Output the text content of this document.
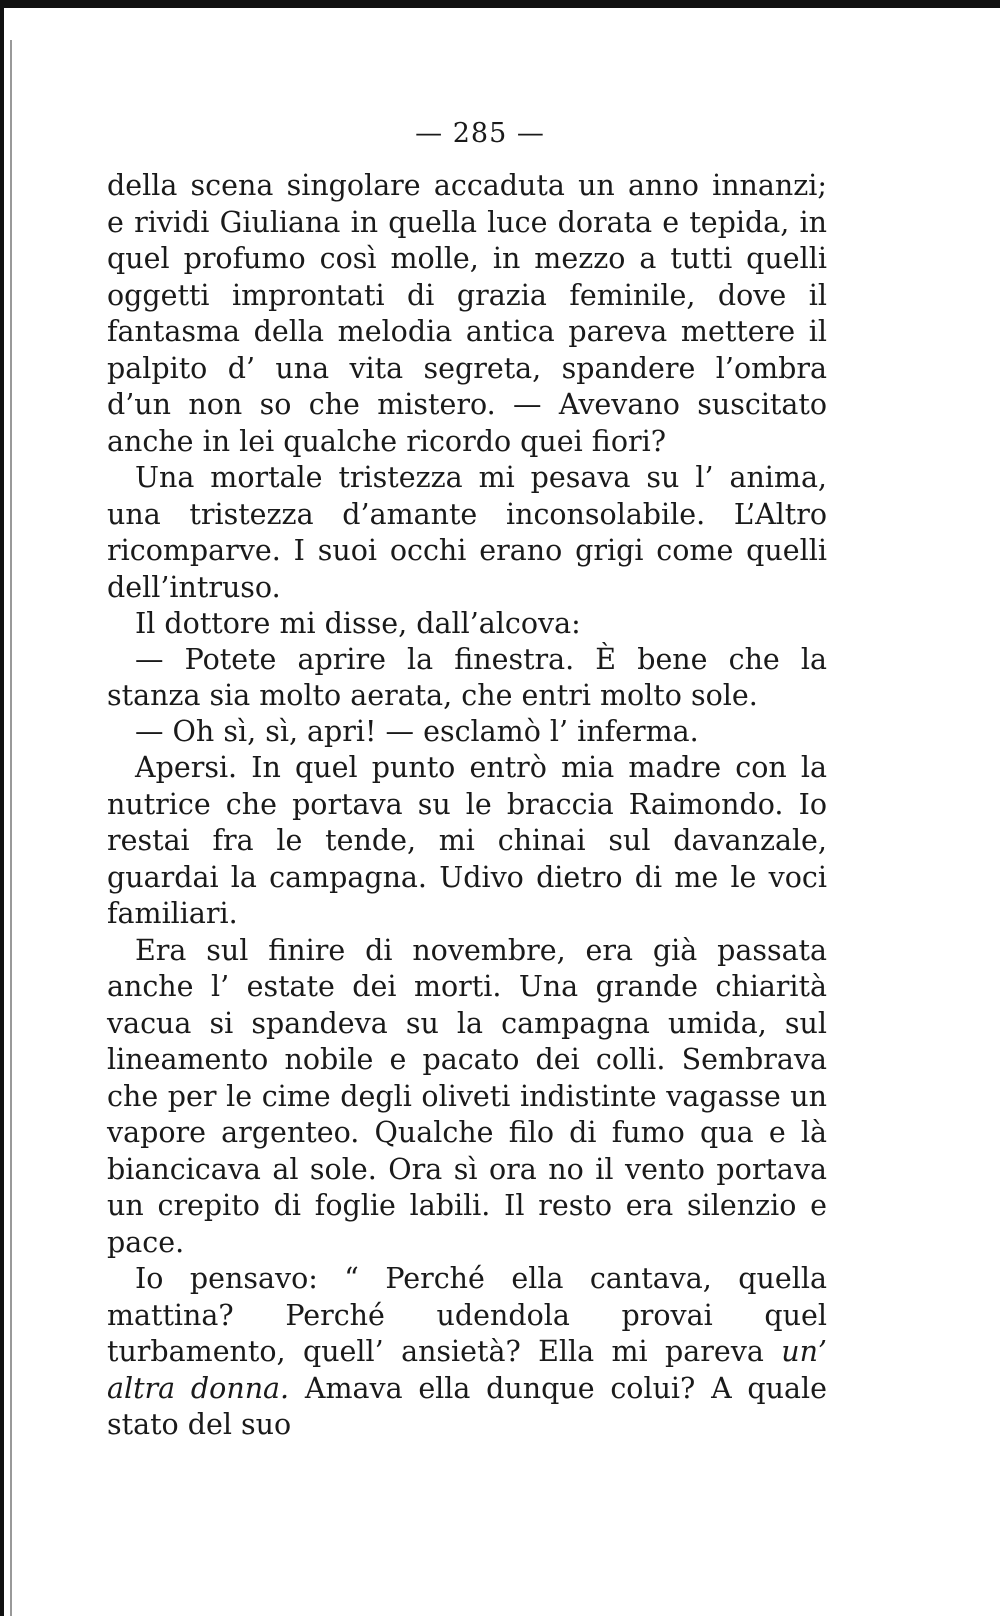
— 285 —

della scena singolare accaduta un anno innanzi; e rividi Giuliana in quella luce dorata e tepida, in quel profumo così molle, in mezzo a tutti quelli oggetti improntati di grazia feminile, dove il fantasma della melodia antica pareva mettere il palpito d’ una vita segreta, spandere l’ombra d’un non so che mistero. — Avevano suscitato anche in lei qualche ricordo quei fiori?

Una mortale tristezza mi pesava su l’ anima, una tristezza d’amante inconsolabile. L’Altro ricomparve. I suoi occhi erano grigi come quelli dell’intruso.

Il dottore mi disse, dall’alcova:

— Potete aprire la finestra. È bene che la stanza sia molto aerata, che entri molto sole.

— Oh sì, sì, apri! — esclamò l’ inferma.

Apersi. In quel punto entrò mia madre con la nutrice che portava su le braccia Raimondo. Io restai fra le tende, mi chinai sul davanzale, guardai la campagna. Udivo dietro di me le voci familiari.

Era sul finire di novembre, era già passata anche l’ estate dei morti. Una grande chiarità vacua si spandeva su la campagna umida, sul lineamento nobile e pacato dei colli. Sembrava che per le cime degli oliveti indistinte vagasse un vapore argenteo. Qualche filo di fumo qua e là biancicava al sole. Ora sì ora no il vento portava un crepito di foglie labili. Il resto era silenzio e pace.

Io pensavo: “ Perché ella cantava, quella mattina? Perché udendola provai quel turbamento, quell’ ansietà? Ella mi pareva un’ altra donna. Amava ella dunque colui? A quale stato del suo
